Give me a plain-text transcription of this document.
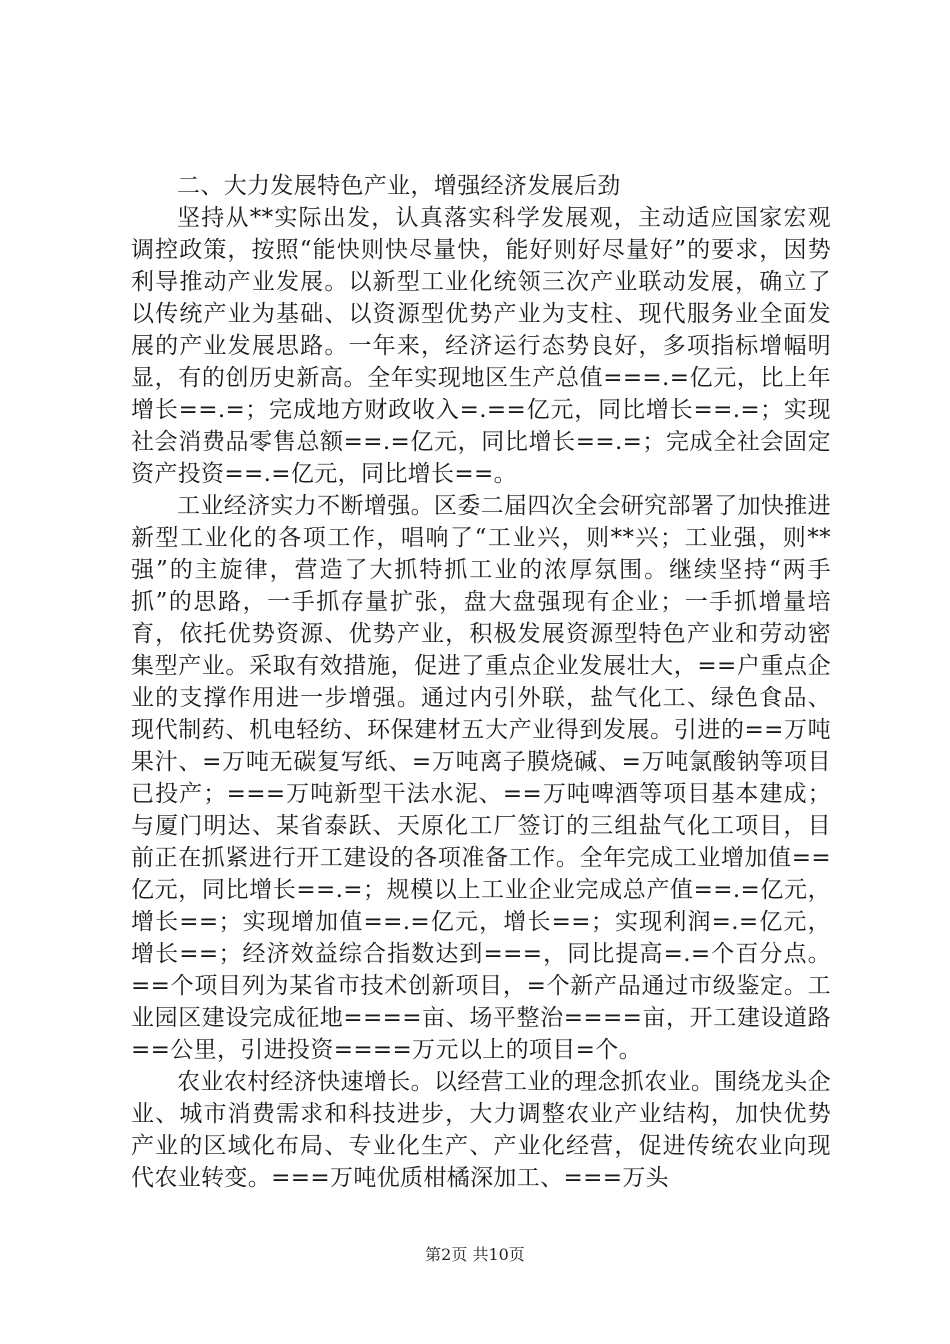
二、大力发展特色产业，增强经济发展后劲

坚持从**实际出发，认真落实科学发展观，主动适应国家宏观调控政策，按照“能快则快尽量快，能好则好尽量好”的要求，因势利导推动产业发展。以新型工业化统领三次产业联动发展，确立了以传统产业为基础、以资源型优势产业为支柱、现代服务业全面发展的产业发展思路。一年来，经济运行态势良好，多项指标增幅明显，有的创历史新高。全年实现地区生产总值===.=亿元，比上年增长==.=；完成地方财政收入=.==亿元，同比增长==.=；实现社会消费品零售总额==.=亿元，同比增长==.=；完成全社会固定资产投资==.=亿元，同比增长==。

工业经济实力不断增强。区委二届四次全会研究部署了加快推进新型工业化的各项工作，唱响了“工业兴，则**兴；工业强，则**强”的主旋律，营造了大抓特抓工业的浓厚氛围。继续坚持“两手抓”的思路，一手抓存量扩张，盘大盘强现有企业；一手抓增量培育，依托优势资源、优势产业，积极发展资源型特色产业和劳动密集型产业。采取有效措施，促进了重点企业发展壮大，==户重点企业的支撑作用进一步增强。通过内引外联，盐气化工、绿色食品、现代制药、机电轻纺、环保建材五大产业得到发展。引进的==万吨果汁、=万吨无碳复写纸、=万吨离子膜烧碱、=万吨氯酸钠等项目已投产；===万吨新型干法水泥、==万吨啤酒等项目基本建成；与厦门明达、某省泰跃、天原化工厂签订的三组盐气化工项目，目前正在抓紧进行开工建设的各项准备工作。全年完成工业增加值==亿元，同比增长==.=；规模以上工业企业完成总产值==.=亿元，增长==；实现增加值==.=亿元，增长==；实现利润=.=亿元，增长==；经济效益综合指数达到===，同比提高=.=个百分点。==个项目列为某省市技术创新项目，=个新产品通过市级鉴定。工业园区建设完成征地====亩、场平整治====亩，开工建设道路==公里，引进投资====万元以上的项目=个。

农业农村经济快速增长。以经营工业的理念抓农业。围绕龙头企业、城市消费需求和科技进步，大力调整农业产业结构，加快优势产业的区域化布局、专业化生产、产业化经营，促进传统农业向现代农业转变。===万吨优质柑橘深加工、===万头

第2页 共10页
